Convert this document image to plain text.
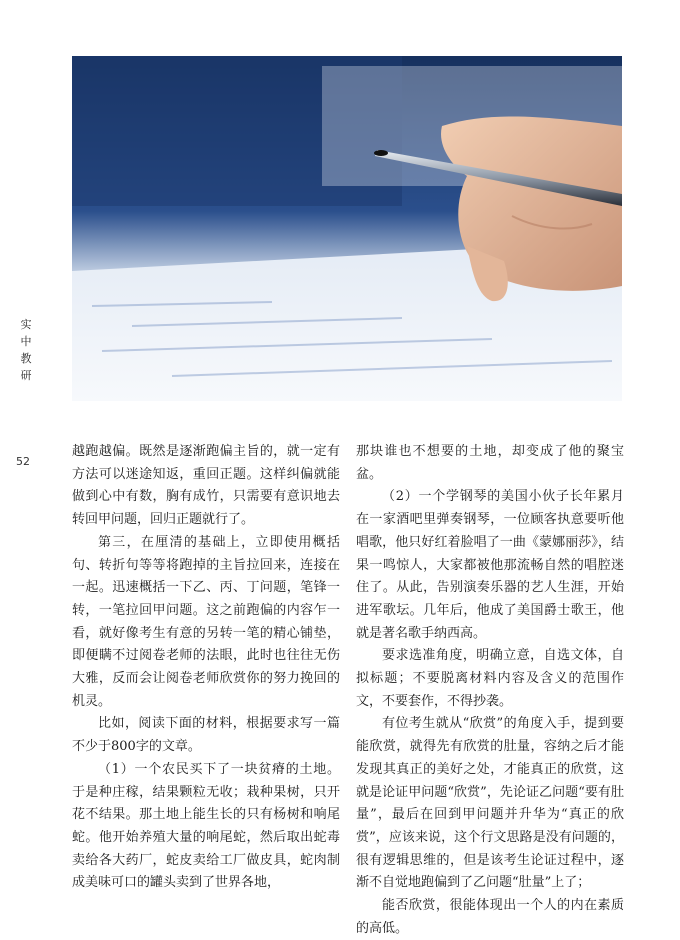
实
中
教
研
52

越跑越偏。既然是逐渐跑偏主旨的，就一定有方法可以迷途知返，重回正题。这样纠偏就能做到心中有数，胸有成竹，只需要有意识地去转回甲问题，回归正题就行了。

第三，在厘清的基础上，立即使用概括句、转折句等等将跑掉的主旨拉回来，连接在一起。迅速概括一下乙、丙、丁问题，笔锋一转，一笔拉回甲问题。这之前跑偏的内容乍一看，就好像考生有意的另转一笔的精心铺垫，即便瞒不过阅卷老师的法眼，此时也往往无伤大雅，反而会让阅卷老师欣赏你的努力挽回的机灵。

比如，阅读下面的材料，根据要求写一篇不少于800字的文章。

（1）一个农民买下了一块贫瘠的土地。于是种庄稼，结果颗粒无收；栽种果树，只开花不结果。那土地上能生长的只有杨树和响尾蛇。他开始养殖大量的响尾蛇，然后取出蛇毒卖给各大药厂，蛇皮卖给工厂做皮具，蛇肉制成美味可口的罐头卖到了世界各地，

那块谁也不想要的土地，却变成了他的聚宝盆。

（2）一个学钢琴的美国小伙子长年累月在一家酒吧里弹奏钢琴，一位顾客执意要听他唱歌，他只好红着脸唱了一曲《蒙娜丽莎》，结果一鸣惊人，大家都被他那流畅自然的唱腔迷住了。从此，告别演奏乐器的艺人生涯，开始进军歌坛。几年后，他成了美国爵士歌王，他就是著名歌手纳西高。

要求选准角度，明确立意，自选文体，自拟标题；不要脱离材料内容及含义的范围作文，不要套作，不得抄袭。

有位考生就从“欣赏”的角度入手，提到要能欣赏，就得先有欣赏的肚量，容纳之后才能发现其真正的美好之处，才能真正的欣赏，这就是论证甲问题“欣赏”，先论证乙问题“要有肚量”，最后在回到甲问题并升华为“真正的欣赏”，应该来说，这个行文思路是没有问题的，很有逻辑思维的，但是该考生论证过程中，逐渐不自觉地跑偏到了乙问题“肚量”上了；

能否欣赏，很能体现出一个人的内在素质的高低。
